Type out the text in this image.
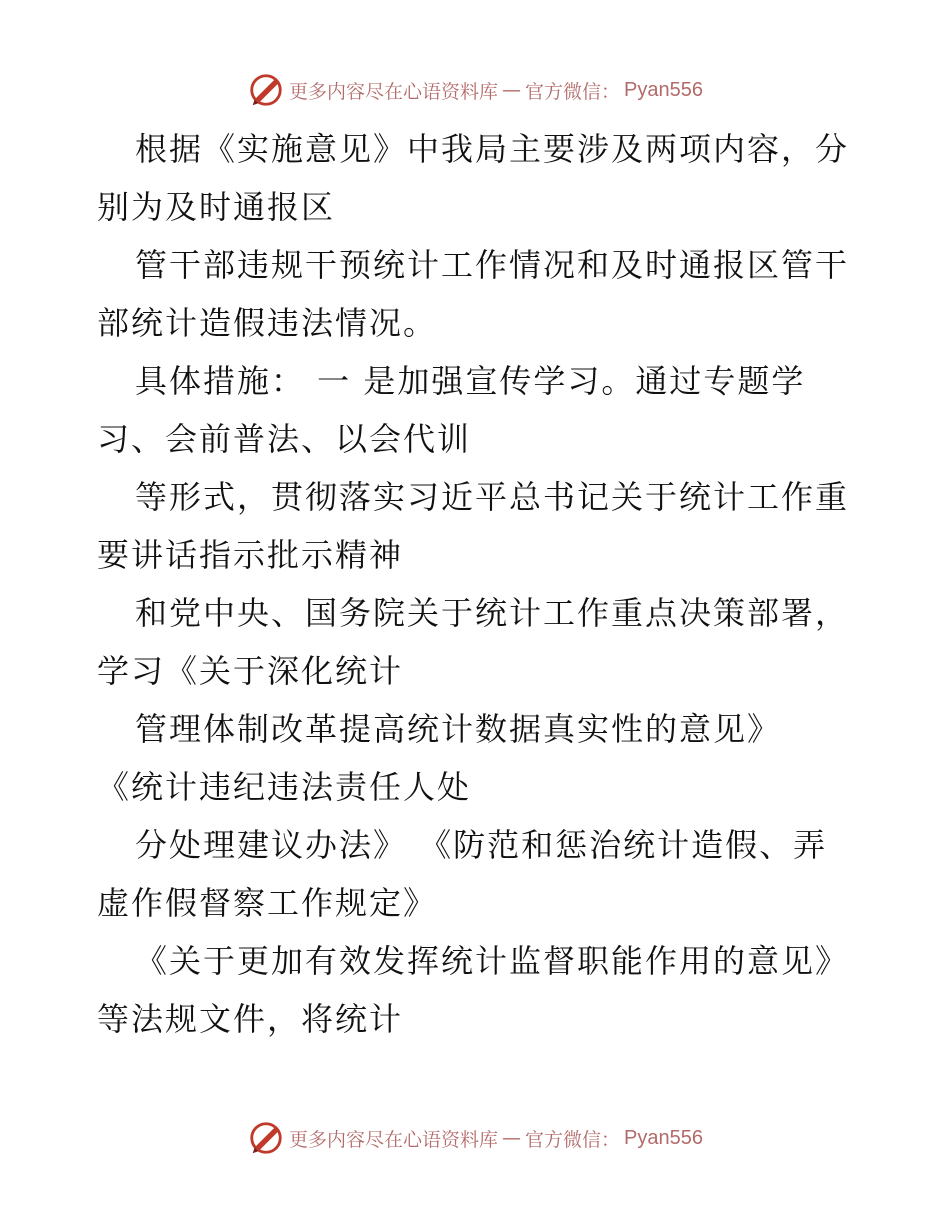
更多内容尽在心语资料库 — 官方微信： Pyan556
根据《实施意见》中我局主要涉及两项内容，分
别为及时通报区
管干部违规干预统计工作情况和及时通报区管干
部统计造假违法情况。
具体措施： 一 是加强宣传学习。通过专题学
习、会前普法、以会代训
等形式，贯彻落实习近平总书记关于统计工作重
要讲话指示批示精神
和党中央、国务院关于统计工作重点决策部署，
学习《关于深化统计
管理体制改革提高统计数据真实性的意见》
《统计违纪违法责任人处
分处理建议办法》 《防范和惩治统计造假、弄
虚作假督察工作规定》
《关于更加有效发挥统计监督职能作用的意见》
等法规文件，将统计
更多内容尽在心语资料库 — 官方微信： Pyan556
